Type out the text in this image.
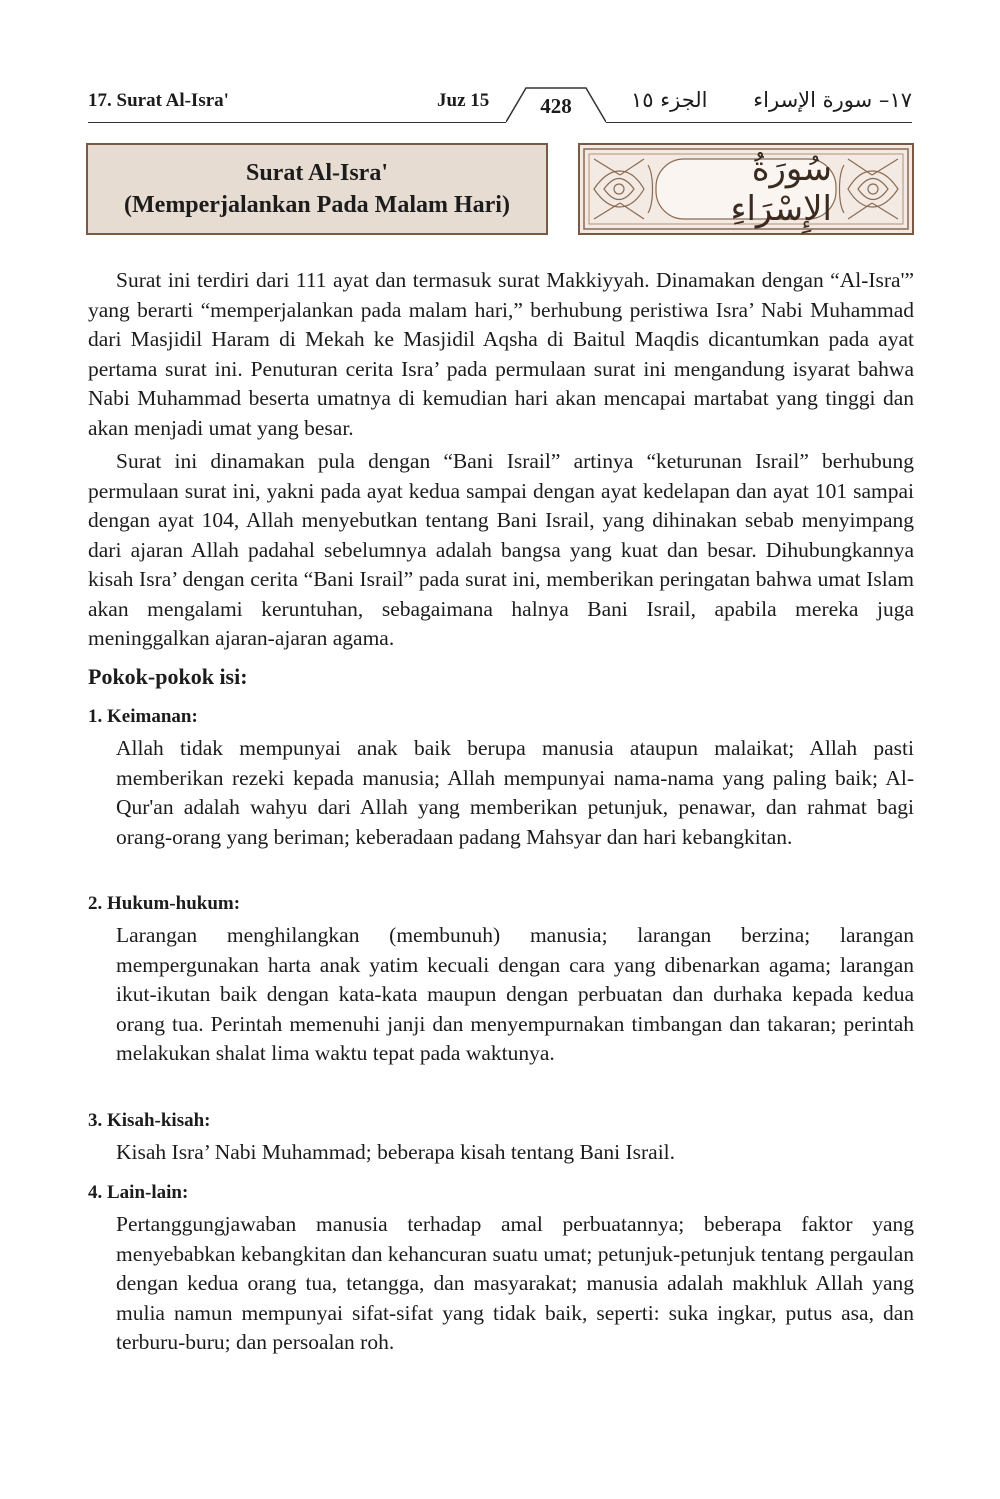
17. Surat Al-Isra'	Juz 15	428	الجزء ١٥ ١٧– سورة الإسراء
Surat Al-Isra'
(Memperjalankan Pada Malam Hari)
سُورَةُ الإِسْرَاءِ

Surat ini terdiri dari 111 ayat dan termasuk surat Makkiyyah. Dinamakan dengan “Al-Isra'” yang berarti “memperjalankan pada malam hari,” berhubung peristiwa Isra’ Nabi Muhammad dari Masjidil Haram di Mekah ke Masjidil Aqsha di Baitul Maqdis dicantumkan pada ayat pertama surat ini. Penuturan cerita Isra’ pada permulaan surat ini mengandung isyarat bahwa Nabi Muhammad beserta umatnya di kemudian hari akan mencapai martabat yang tinggi dan akan menjadi umat yang besar.

Surat ini dinamakan pula dengan “Bani Israil” artinya “keturunan Israil” berhubung permulaan surat ini, yakni pada ayat kedua sampai dengan ayat kedelapan dan ayat 101 sampai dengan ayat 104, Allah menyebutkan tentang Bani Israil, yang dihinakan sebab menyimpang dari ajaran Allah padahal sebelumnya adalah bangsa yang kuat dan besar. Dihubungkannya kisah Isra’ dengan cerita “Bani Israil” pada surat ini, memberikan peringatan bahwa umat Islam akan mengalami keruntuhan, sebagaimana halnya Bani Israil, apabila mereka juga meninggalkan ajaran-ajaran agama.

Pokok-pokok isi:
1. Keimanan:

Allah tidak mempunyai anak baik berupa manusia ataupun malaikat; Allah pasti memberikan rezeki kepada manusia; Allah mempunyai nama-nama yang paling baik; Al-Qur'an adalah wahyu dari Allah yang memberikan petunjuk, penawar, dan rahmat bagi orang-orang yang beriman; keberadaan padang Mahsyar dan hari kebangkitan.

2. Hukum-hukum:

Larangan menghilangkan (membunuh) manusia; larangan berzina; larangan mempergunakan harta anak yatim kecuali dengan cara yang dibenarkan agama; larangan ikut-ikutan baik dengan kata-kata maupun dengan perbuatan dan durhaka kepada kedua orang tua. Perintah memenuhi janji dan menyempurnakan timbangan dan takaran; perintah melakukan shalat lima waktu tepat pada waktunya.

3. Kisah-kisah:

Kisah Isra’ Nabi Muhammad; beberapa kisah tentang Bani Israil.

4. Lain-lain:

Pertanggungjawaban manusia terhadap amal perbuatannya; beberapa faktor yang menyebabkan kebangkitan dan kehancuran suatu umat; petunjuk-petunjuk tentang pergaulan dengan kedua orang tua, tetangga, dan masyarakat; manusia adalah makhluk Allah yang mulia namun mempunyai sifat-sifat yang tidak baik, seperti: suka ingkar, putus asa, dan terburu-buru; dan persoalan roh.
